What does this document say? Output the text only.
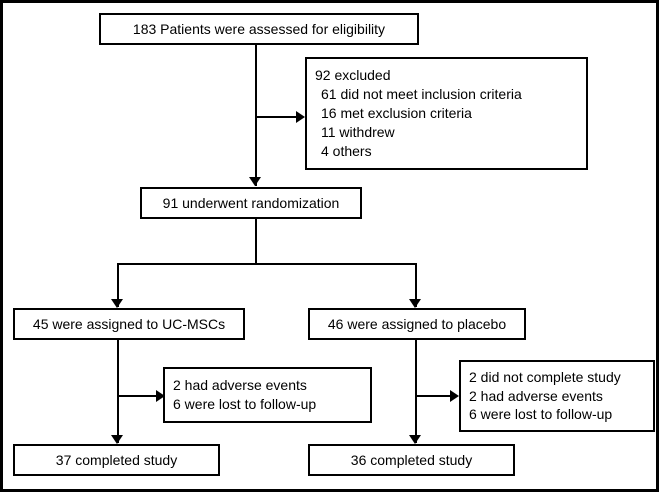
183 Patients were assessed for eligibility
92 excluded
61 did not meet inclusion criteria
16 met exclusion criteria
11 withdrew
4 others
91 underwent randomization
45 were assigned to UC-MSCs	46 were assigned to placebo
2 had adverse events
6 were lost to follow-up
2 did not complete study
2 had adverse events
6 were lost to follow-up
37 completed study	36 completed study
